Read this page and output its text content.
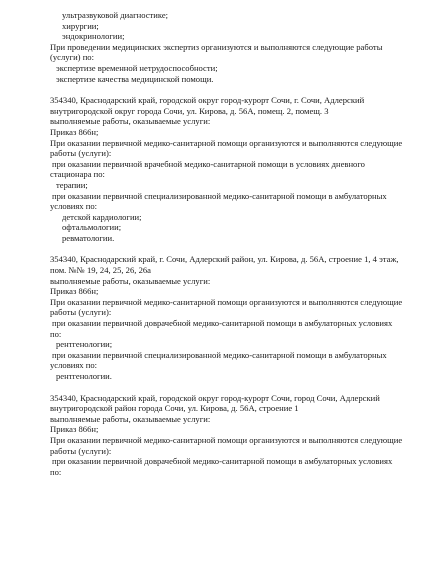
ультразвуковой диагностике;
хирургии;
эндокринологии;
При проведении медицинских экспертиз организуются и выполняются следующие работы
(услуги) по:
экспертизе временной нетрудоспособности;
экспертизе качества медицинской помощи.
354340, Краснодарский край, городской округ город-курорт Сочи, г. Сочи, Адлерский
внутригородской округ города Сочи, ул. Кирова, д. 56А, помещ. 2, помещ. 3
выполняемые работы, оказываемые услуги:
Приказ 866н;
При оказании первичной медико-санитарной помощи организуются и выполняются следующие
работы (услуги):
при оказании первичной врачебной медико-санитарной помощи в условиях дневного
стационара по:
терапии;
при оказании первичной специализированной медико-санитарной помощи в амбулаторных
условиях по:
детской кардиологии;
офтальмологии;
ревматологии.
354340, Краснодарский край, г. Сочи, Адлерский район, ул. Кирова, д. 56А, строение 1, 4 этаж,
пом. №№ 19, 24, 25, 26, 26а
выполняемые работы, оказываемые услуги:
Приказ 866н;
При оказании первичной медико-санитарной помощи организуются и выполняются следующие
работы (услуги):
при оказании первичной доврачебной медико-санитарной помощи в амбулаторных условиях
по:
рентгенологии;
при оказании первичной специализированной медико-санитарной помощи в амбулаторных
условиях по:
рентгенологии.
354340, Краснодарский край, городской округ город-курорт Сочи, город Сочи, Адлерский
внутригородской район города Сочи, ул. Кирова, д. 56А, строение 1
выполняемые работы, оказываемые услуги:
Приказ 866н;
При оказании первичной медико-санитарной помощи организуются и выполняются следующие
работы (услуги):
при оказании первичной доврачебной медико-санитарной помощи в амбулаторных условиях
по:
